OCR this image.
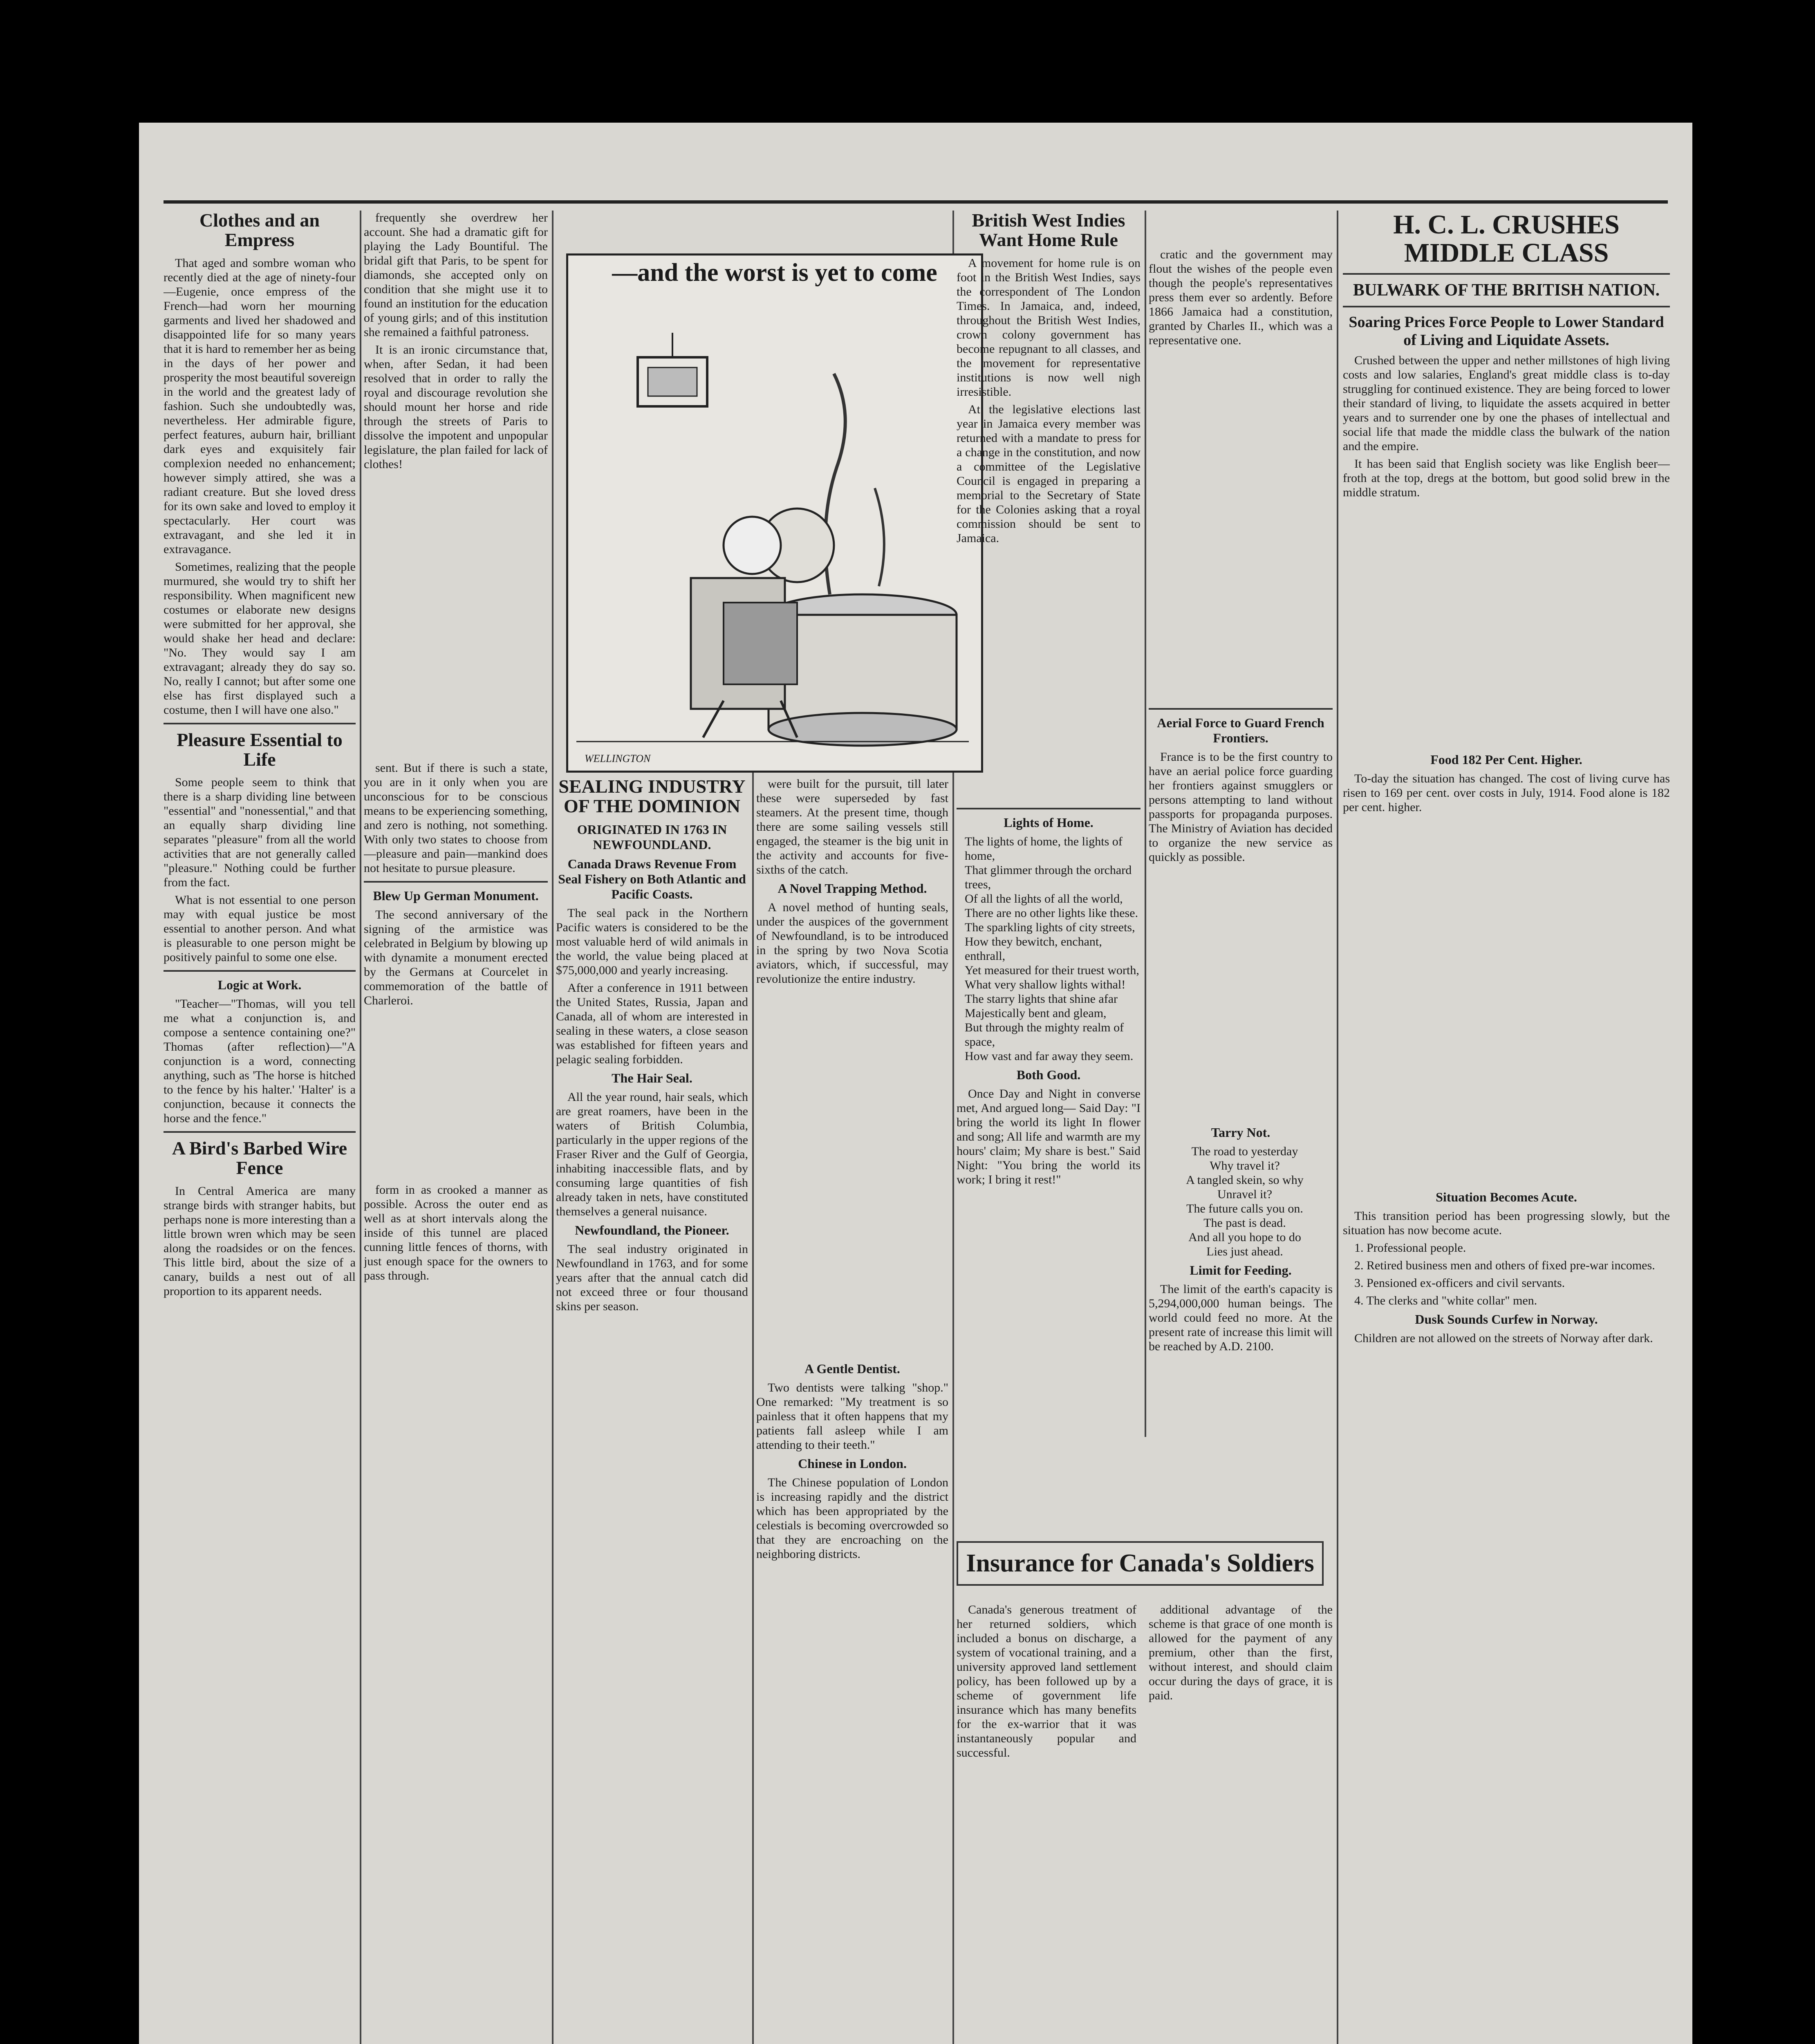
Clothes and an Empress

That aged and sombre woman who recently died at the age of ninety-four—Eugenie, once empress of the French—had worn her mourning garments and lived her shadowed and disappointed life for so many years that it is hard to remember her as being in the days of her power and prosperity the most beautiful sovereign in the world and the greatest lady of fashion. Such she undoubtedly was, nevertheless. Her admirable figure, perfect features, auburn hair, brilliant dark eyes and exquisitely fair complexion needed no enhancement; however simply attired, she was a radiant creature. But she loved dress for its own sake and loved to employ it spectacularly. Her court was extravagant, and she led it in extravagance.

Sometimes, realizing that the people murmured, she would try to shift her responsibility. When magnificent new costumes or elaborate new designs were submitted for her approval, she would shake her head and declare: "No. They would say I am extravagant; already they do say so. No, really I cannot; but after some one else has first displayed such a costume, then I will have one also."

Pleasure Essential to Life

Some people seem to think that there is a sharp dividing line between "essential" and "nonessential," and that an equally sharp dividing line separates "pleasure" from all the world activities that are not generally called "pleasure." Nothing could be further from the fact.

What is not essential to one person may with equal justice be most essential to another person. And what is pleasurable to one person might be positively painful to some one else.

Logic at Work.

"Teacher—"Thomas, will you tell me what a conjunction is, and compose a sentence containing one?" Thomas (after reflection)—"A conjunction is a word, connecting anything, such as 'The horse is hitched to the fence by his halter.' 'Halter' is a conjunction, because it connects the horse and the fence."

A Bird's Barbed Wire Fence

In Central America are many strange birds with stranger habits, but perhaps none is more interesting than a little brown wren which may be seen along the roadsides or on the fences. This little bird, about the size of a canary, builds a nest out of all proportion to its apparent needs.

frequently she overdrew her account. She had a dramatic gift for playing the Lady Bountiful. The bridal gift that Paris, to be spent for diamonds, she accepted only on condition that she might use it to found an institution for the education of young girls; and of this institution she remained a faithful patroness.

It is an ironic circumstance that, when, after Sedan, it had been resolved that in order to rally the royal and discourage revolution she should mount her horse and ride through the streets of Paris to dissolve the impotent and unpopular legislature, the plan failed for lack of clothes!

sent. But if there is such a state, you are in it only when you are unconscious for to be conscious means to be experiencing something, and zero is nothing, not something. With only two states to choose from—pleasure and pain—mankind does not hesitate to pursue pleasure.

Blew Up German Monument.

The second anniversary of the signing of the armistice was celebrated in Belgium by blowing up with dynamite a monument erected by the Germans at Courcelet in commemoration of the battle of Charleroi.

form in as crooked a manner as possible. Across the outer end as well as at short intervals along the inside of this tunnel are placed cunning little fences of thorns, with just enough space for the owners to pass through.

—and the worst is yet to come
WELLINGTON
SEALING INDUSTRY OF THE DOMINION
ORIGINATED IN 1763 IN NEWFOUNDLAND.
Canada Draws Revenue From Seal Fishery on Both Atlantic and Pacific Coasts.

The seal pack in the Northern Pacific waters is considered to be the most valuable herd of wild animals in the world, the value being placed at $75,000,000 and yearly increasing.

After a conference in 1911 between the United States, Russia, Japan and Canada, all of whom are interested in sealing in these waters, a close season was established for fifteen years and pelagic sealing forbidden.

The Hair Seal.

All the year round, hair seals, which are great roamers, have been in the waters of British Columbia, particularly in the upper regions of the Fraser River and the Gulf of Georgia, inhabiting inaccessible flats, and by consuming large quantities of fish already taken in nets, have constituted themselves a general nuisance.

Newfoundland, the Pioneer.

The seal industry originated in Newfoundland in 1763, and for some years after that the annual catch did not exceed three or four thousand skins per season.

were built for the pursuit, till later these were superseded by fast steamers. At the present time, though there are some sailing vessels still engaged, the steamer is the big unit in the activity and accounts for five-sixths of the catch.

A Novel Trapping Method.

A novel method of hunting seals, under the auspices of the government of Newfoundland, is to be introduced in the spring by two Nova Scotia aviators, which, if successful, may revolutionize the entire industry.

A Gentle Dentist.

Two dentists were talking "shop." One remarked: "My treatment is so painless that it often happens that my patients fall asleep while I am attending to their teeth."

Chinese in London.

The Chinese population of London is increasing rapidly and the district which has been appropriated by the celestials is becoming overcrowded so that they are encroaching on the neighboring districts.

British West Indies Want Home Rule

A movement for home rule is on foot in the British West Indies, says the correspondent of The London Times. In Jamaica, and, indeed, throughout the British West Indies, crown colony government has become repugnant to all classes, and the movement for representative institutions is now well nigh irresistible.

At the legislative elections last year in Jamaica every member was returned with a mandate to press for a change in the constitution, and now a committee of the Legislative Council is engaged in preparing a memorial to the Secretary of State for the Colonies asking that a royal commission should be sent to Jamaica.

Lights of Home.
The lights of home, the lights of home,
That glimmer through the orchard trees,
Of all the lights of all the world,
There are no other lights like these.
The sparkling lights of city streets,
How they bewitch, enchant, enthrall,
Yet measured for their truest worth,
What very shallow lights withal!
The starry lights that shine afar
Majestically bent and gleam,
But through the mighty realm of space,
How vast and far away they seem.
Both Good.

Once Day and Night in converse met, And argued long— Said Day: "I bring the world its light In flower and song; All life and warmth are my hours' claim; My share is best." Said Night: "You bring the world its work; I bring it rest!"

Insurance for Canada's Soldiers

Canada's generous treatment of her returned soldiers, which included a bonus on discharge, a system of vocational training, and a university approved land settlement policy, has been followed up by a scheme of government life insurance which has many benefits for the ex-warrior that it was instantaneously popular and successful.

cratic and the government may flout the wishes of the people even though the people's representatives press them ever so ardently. Before 1866 Jamaica had a constitution, granted by Charles II., which was a representative one.

Aerial Force to Guard French Frontiers.

France is to be the first country to have an aerial police force guarding her frontiers against smugglers or persons attempting to land without passports for propaganda purposes. The Ministry of Aviation has decided to organize the new service as quickly as possible.

Tarry Not.
The road to yesterday
Why travel it?
A tangled skein, so why
Unravel it?
The future calls you on.
The past is dead.
And all you hope to do
Lies just ahead.
Limit for Feeding.

The limit of the earth's capacity is 5,294,000,000 human beings. The world could feed no more. At the present rate of increase this limit will be reached by A.D. 2100.

additional advantage of the scheme is that grace of one month is allowed for the payment of any premium, other than the first, without interest, and should claim occur during the days of grace, it is paid.

H. C. L. CRUSHES MIDDLE CLASS
BULWARK OF THE BRITISH NATION.
Soaring Prices Force People to Lower Standard of Living and Liquidate Assets.

Crushed between the upper and nether millstones of high living costs and low salaries, England's great middle class is to-day struggling for continued existence. They are being forced to lower their standard of living, to liquidate the assets acquired in better years and to surrender one by one the phases of intellectual and social life that made the middle class the bulwark of the nation and the empire.

It has been said that English society was like English beer—froth at the top, dregs at the bottom, but good solid brew in the middle stratum.

Food 182 Per Cent. Higher.

To-day the situation has changed. The cost of living curve has risen to 169 per cent. over costs in July, 1914. Food alone is 182 per cent. higher.

Situation Becomes Acute.

This transition period has been progressing slowly, but the situation has now become acute.

1. Professional people.

2. Retired business men and others of fixed pre-war incomes.

3. Pensioned ex-officers and civil servants.

4. The clerks and "white collar" men.

Dusk Sounds Curfew in Norway.

Children are not allowed on the streets of Norway after dark.
